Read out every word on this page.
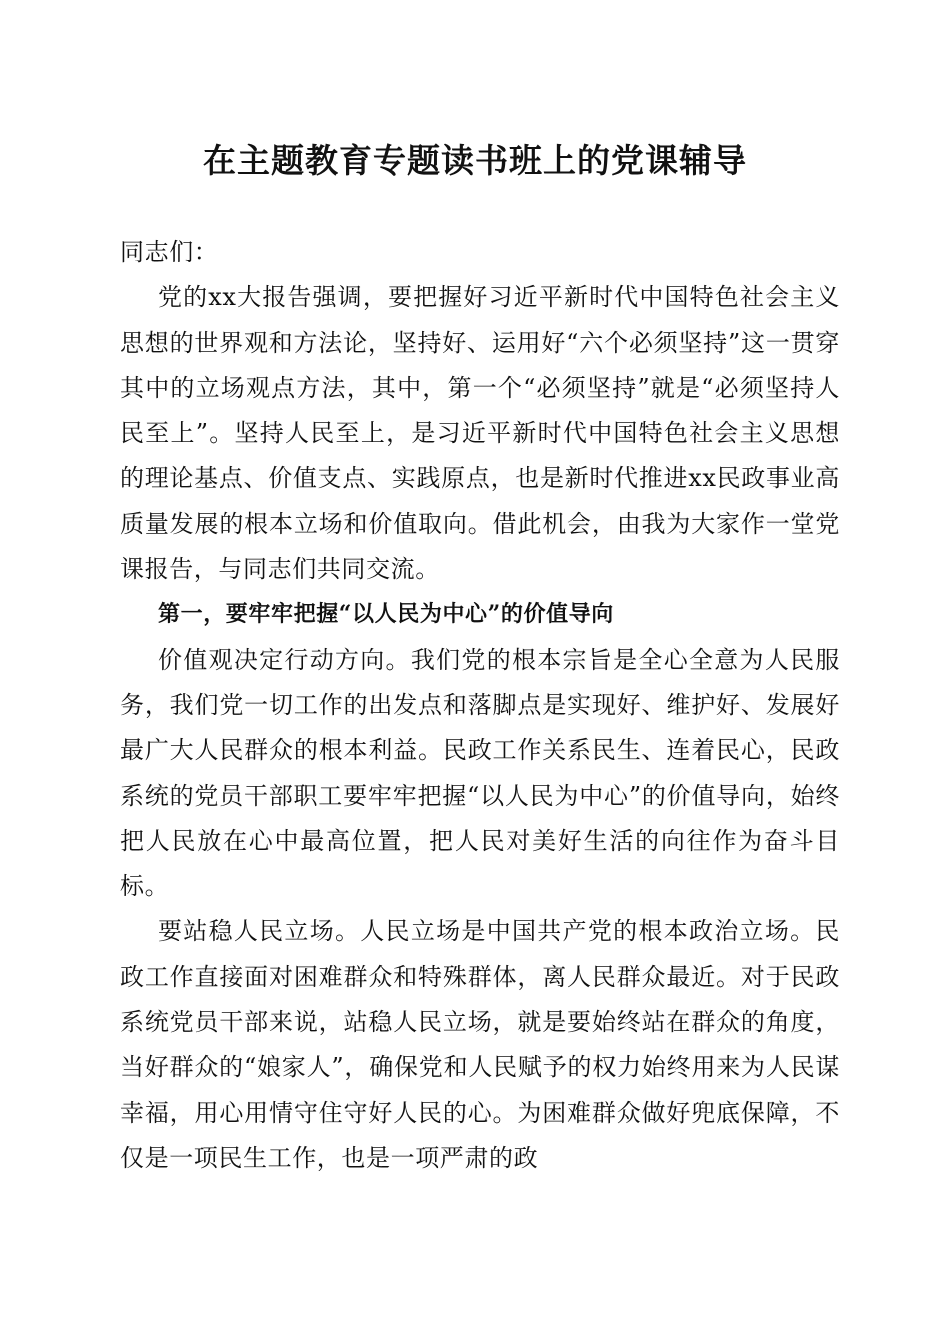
在主题教育专题读书班上的党课辅导

同志们：

党的xx大报告强调，要把握好习近平新时代中国特色社会主义思想的世界观和方法论，坚持好、运用好“六个必须坚持”这一贯穿其中的立场观点方法，其中，第一个“必须坚持”就是“必须坚持人民至上”。坚持人民至上，是习近平新时代中国特色社会主义思想的理论基点、价值支点、实践原点，也是新时代推进xx民政事业高质量发展的根本立场和价值取向。借此机会，由我为大家作一堂党课报告，与同志们共同交流。

第一，要牢牢把握“以人民为中心”的价值导向

价值观决定行动方向。我们党的根本宗旨是全心全意为人民服务，我们党一切工作的出发点和落脚点是实现好、维护好、发展好最广大人民群众的根本利益。民政工作关系民生、连着民心，民政系统的党员干部职工要牢牢把握“以人民为中心”的价值导向，始终把人民放在心中最高位置，把人民对美好生活的向往作为奋斗目标。

要站稳人民立场。人民立场是中国共产党的根本政治立场。民政工作直接面对困难群众和特殊群体，离人民群众最近。对于民政系统党员干部来说，站稳人民立场，就是要始终站在群众的角度，当好群众的“娘家人”，确保党和人民赋予的权力始终用来为人民谋幸福，用心用情守住守好人民的心。为困难群众做好兜底保障，不仅是一项民生工作，也是一项严肃的政
